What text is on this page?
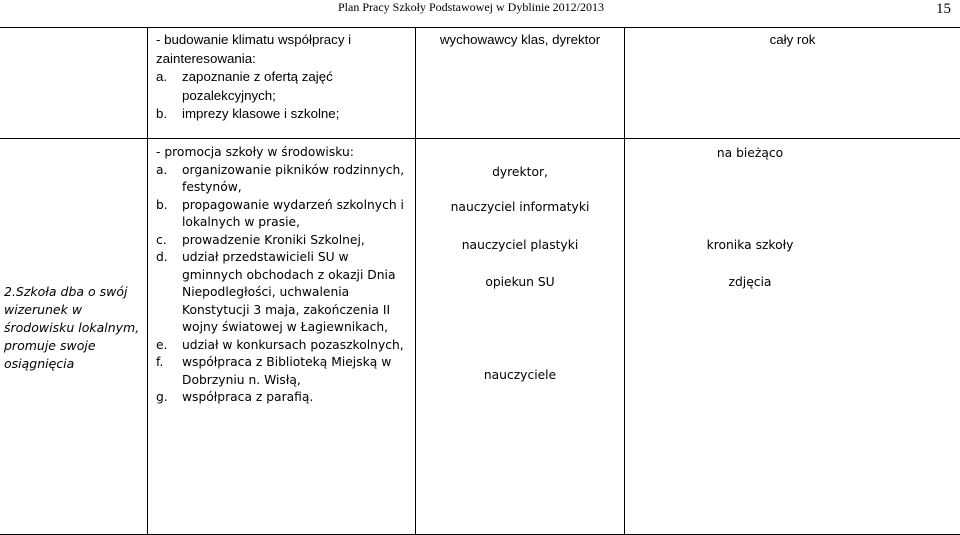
Plan Pracy Szkoły Podstawowej w Dyblinie 2012/2013	15
- budowanie klimatu współpracy i zainteresowania:
a. zapoznanie z ofertą zajęć pozalekcyjnych;
b. imprezy klasowe i szkolne;
wychowawcy klas, dyrektor	cały rok
2.Szkoła dba o swój wizerunek w środowisku lokalnym, promuje swoje osiągnięcia
- promocja szkoły w środowisku:
a. organizowanie pikników rodzinnych, festynów,
b. propagowanie wydarzeń szkolnych i lokalnych w prasie,
c. prowadzenie Kroniki Szkolnej,
d. udział przedstawicieli SU w gminnych obchodach z okazji Dnia Niepodległości, uchwalenia Konstytucji 3 maja, zakończenia II wojny światowej w Łagiewnikach,
e. udział w konkursach pozaszkolnych,
f. współpraca z Biblioteką Miejską w Dobrzyniu n. Wisłą,
g. współpraca z parafią.
dyrektor,
nauczyciel informatyki
nauczyciel plastyki
opiekun SU
nauczyciele
na bieżąco
kronika szkoły
zdjęcia
